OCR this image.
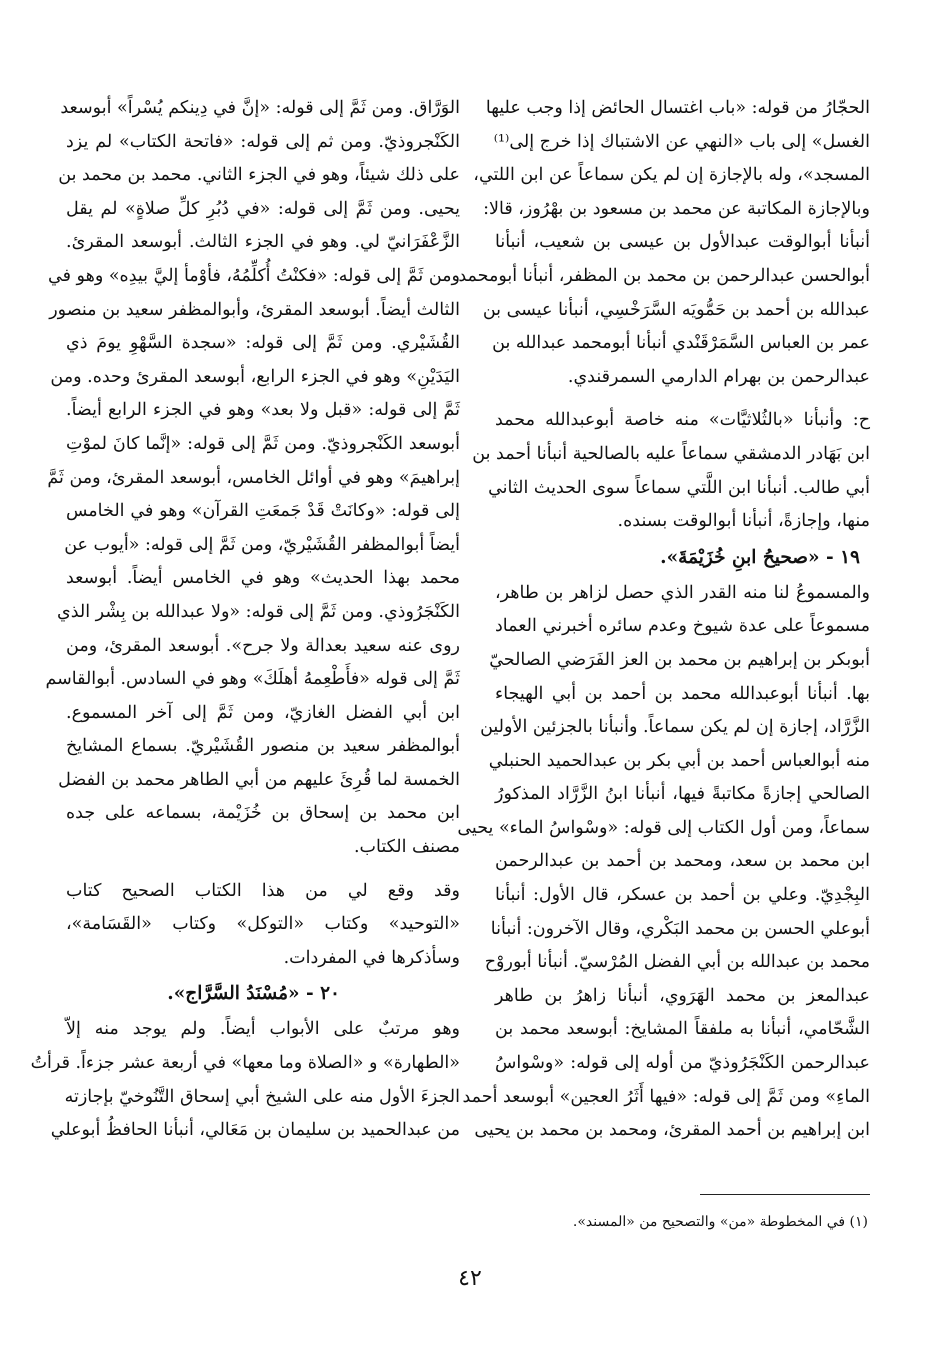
الحجّارُ من قوله: «باب اغتسال الحائض إذا وجب عليها
الغسل» إلى باب «النهي عن الاشتباك إذا خرج إلى⁽¹⁾
المسجد»، وله بالإجازة إن لم يكن سماعاً عن ابن اللتي،
وبالإجازة المكاتبة عن محمد بن مسعود بن بهْرُوز، قالا:
أنبأنا أبوالوقت عبدالأول بن عيسى بن شعيب، أنبأنا
أبوالحسن عبدالرحمن بن محمد بن المظفر، أنبأنا أبومحمد
عبدالله بن أحمد بن حَمُّويَه السَّرَخْسِي، أنبأنا عيسى بن
عمر بن العباس السَّمَرْقَنْدي أنبأنا أبومحمد عبدالله بن
عبدالرحمن بن بهرام الدارمي السمرقندي.
ح: وأنبأنا «بالثُلاثيَّات» منه خاصة أبوعبدالله محمد
ابن بَهَادر الدمشقي سماعاً عليه بالصالحية أنبأنا أحمد بن
أبي طالب. أنبأنا ابن اللَّتي سماعاً سوى الحديث الثاني
منها، وإجازةً، أنبأنا أبوالوقت بسنده.
١٩ - «صحيحُ ابنِ خُزَيْمَةَ».
والمسموعُ لنا منه القدر الذي حصل لزاهر بن طاهر،
مسموعاً على عدة شيوخ وعدم سائره أخبرني العماد
أبوبكر بن إبراهيم بن محمد بن العز الفَرَضي الصالحيّ
بها. أنبأنا أبوعبدالله محمد بن أحمد بن أبي الهيجاء
الزَّرَّاد، إجازة إن لم يكن سماعاً. وأنبأنا بالجزئين الأولين
منه أبوالعباس أحمد بن أبي بكر بن عبدالحميد الحنبلي
الصالحي إجازةً مكاتبةً فيها، أنبأنا ابنُ الزَّرَّاد المذكورُ
سماعاً، ومن أول الكتاب إلى قوله: «وسْواسُ الماء» يحيى
ابن محمد بن سعد، ومحمد بن أحمد بن عبدالرحمن
البِجْدِيّ. وعلي بن أحمد بن عسكر، قال الأول: أنبأنا
أبوعلي الحسن بن محمد البَكْري، وقال الآخرون: أنبأنا
محمد بن عبدالله بن أبي الفضل المُرْسيّ. أنبأنا أبوروْح
عبدالمعز بن محمد الهَرَوي، أنبأنا زاهرُ بن طاهر
الشَّحّامي، أنبأنا به ملفقاً المشايخ: أبوسعد محمد بن
عبدالرحمن الكَنْجَرُوذيّ من أوله إلى قوله: «وسْواسُ
الماءِ» ومن ثَمَّ إلى قوله: «فيها أَثَرُ العجين» أبوسعد أحمد
ابن إبراهيم بن أحمد المقرئ، ومحمد بن محمد بن يحيى
الوَرَّاق. ومن ثَمَّ إلى قوله: «إنَّ في دِينكم يُسْراً» أبوسعد
الكَنْجروذيّ. ومن ثم إلى قوله: «فاتحة الكتاب» لم يزد
على ذلك شيئاً، وهو في الجزء الثاني. محمد بن محمد بن
يحيى. ومن ثَمَّ إلى قوله: «في دُبُرِ كلِّ صلاةٍ» لم يقل
الزَّعْفَرَانيّ لي. وهو في الجزء الثالث. أبوسعد المقرئ.
ومن ثَمَّ إلى قوله: «فكنْتُ أُكلِّمُهُ، فأوْمأ إليَّ بيدِه» وهو في
الثالث أيضاً. أبوسعد المقرئ، وأبوالمظفر سعيد بن منصور
القُشَيْري. ومن ثَمَّ إلى قوله: «سجدة السَّهْوِ يومَ ذي
اليَدَيْنِ» وهو في الجزء الرابع، أبوسعد المقرئ وحده. ومن
ثَمَّ إلى قوله: «قبل ولا بعد» وهو في الجزء الرابع أيضاً.
أبوسعد الكَنْجروذيّ. ومن ثَمَّ إلى قوله: «إنَّما كانَ لموْتِ
إبراهيمَ» وهو في أوائل الخامس، أبوسعد المقرئ، ومن ثَمَّ
إلى قوله: «وكانَتْ قَدْ جَمعَتِ القرآن» وهو في الخامس
أيضاً أبوالمظفر القُشَيْريّ، ومن ثَمَّ إلى قوله: «أيوب عن
محمد بهذا الحديث» وهو في الخامس أيضاً. أبوسعد
الكَنْجَرُوذي. ومن ثَمَّ إلى قوله: «ولا عبدالله بن بِشْر الذي
روى عنه سعيد بعدالة ولا جرح». أبوسعد المقرئ، ومن
ثَمَّ إلى قوله «فأَطْعِمهُ أهلَكَ» وهو في السادس. أبوالقاسم
ابن أبي الفضل الغازيّ، ومن ثَمَّ إلى آخر المسموع.
أبوالمظفر سعيد بن منصور القُشَيْريّ. بسماع المشايخ
الخمسة لما قُرِئَ عليهم من أبي الطاهر محمد بن الفضل
ابن محمد بن إسحاق بن خُزَيْمة، بسماعه على جده
مصنف الكتاب.
وقد وقع لي من هذا الكتاب الصحيح كتاب
«التوحيد» وكتاب «التوكل» وكتاب «القَسَامة»،
وسأذكرها في المفردات.
٢٠ - «مُسْنَدُ السَّرَّاج».
وهو مرتبٌ على الأبواب أيضاً. ولم يوجد منه إلاّ
«الطهارة» و «الصلاة وما معها» في أربعة عشر جزءاً. قرأتُ
الجزءَ الأول منه على الشيخ أبي إسحاق التَّنُوخيّ بإجازته
من عبدالحميد بن سليمان بن مَعَالي، أنبأنا الحافظُ أبوعلي
(١) في المخطوطة «من» والتصحيح من «المسند».
٤٢
